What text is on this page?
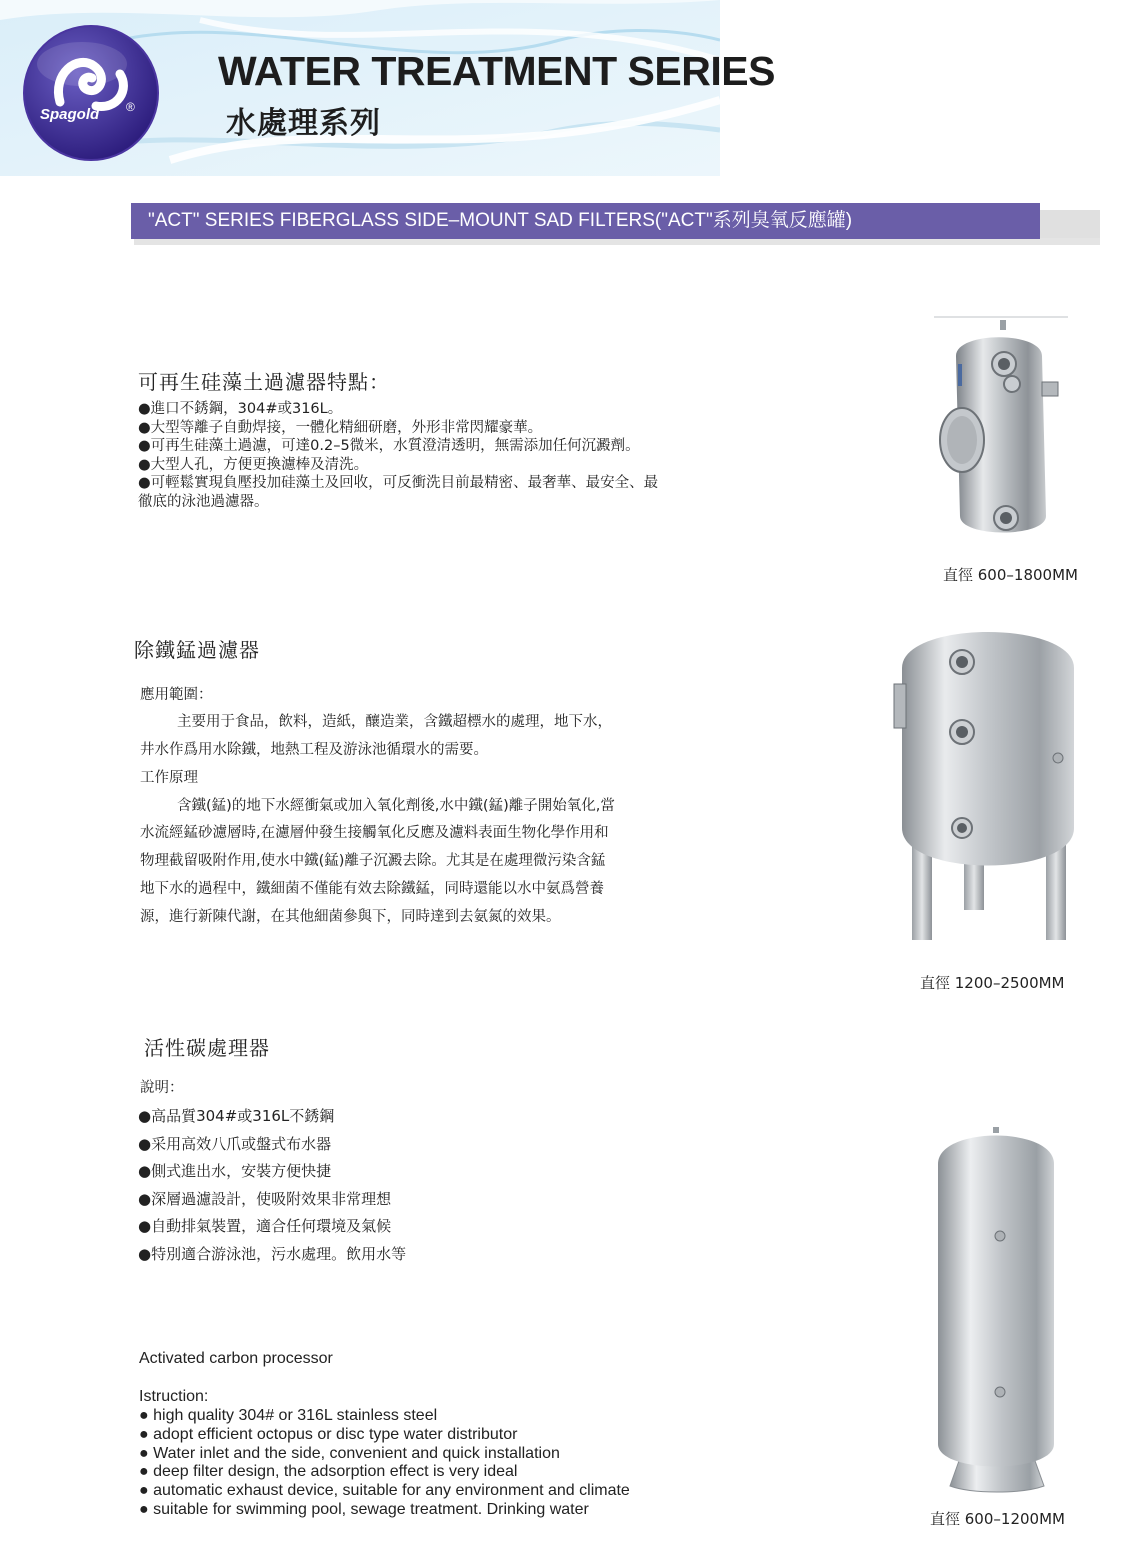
Spagold ®
WATER TREATMENT SERIES
水處理系列
"ACT" SERIES FIBERGLASS SIDE–MOUNT SAD FILTERS("ACT"系列臭氧反應罐)
可再生硅藻土過濾器特點：
●進口不銹鋼，304#或316L。
●大型等離子自動焊接，一體化精細研磨，外形非常閃耀豪華。
●可再生硅藻土過濾，可達0.2–5微米，水質澄清透明，無需添加任何沉澱劑。
●大型人孔，方便更換濾棒及清洗。
●可輕鬆實現負壓投加硅藻土及回收，可反衝洗目前最精密、最奢華、最安全、最
徹底的泳池過濾器。
直徑 600–1800MM
除鐵錳過濾器
應用範圍：
主要用于食品，飲料，造紙，釀造業，含鐵超標水的處理，地下水，
井水作爲用水除鐵，地熱工程及游泳池循環水的需要。
工作原理
含鐵(錳)的地下水經衝氣或加入氧化劑後,水中鐵(錳)離子開始氧化,當
水流經錳砂濾層時,在濾層仲發生接觸氧化反應及濾料表面生物化學作用和
物理截留吸附作用,使水中鐵(錳)離子沉澱去除。尤其是在處理微污染含錳
地下水的過程中，鐵細菌不僅能有效去除鐵錳，同時還能以水中氨爲營養
源，進行新陳代謝，在其他細菌參與下，同時達到去氨氮的效果。
直徑 1200–2500MM
活性碳處理器
說明：
●高品質304#或316L不銹鋼
●采用高效八爪或盤式布水器
●側式進出水，安裝方便快捷
●深層過濾設計，使吸附效果非常理想
●自動排氣裝置，適合任何環境及氣候
●特別適合游泳池，污水處理。飲用水等
Activated carbon processor
Istruction:
● high quality 304# or 316L stainless steel
● adopt efficient octopus or disc type water distributor
● Water inlet and the side, convenient and quick installation
● deep filter design, the adsorption effect is very ideal
● automatic exhaust device, suitable for any environment and climate
● suitable for swimming pool, sewage treatment. Drinking water
直徑 600–1200MM
